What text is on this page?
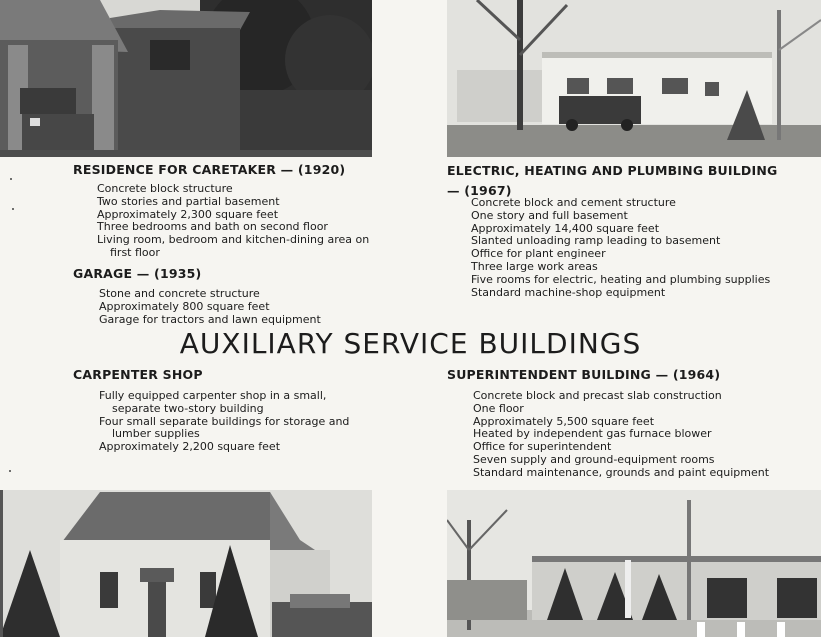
RESIDENCE FOR CARETAKER — (1920)
Concrete block structure
Two stories and partial basement
Approximately 2,300 square feet
Three bedrooms and bath on second floor
Living room, bedroom and kitchen-dining area on first floor
GARAGE — (1935)
Stone and concrete structure
Approximately 800 square feet
Garage for tractors and lawn equipment
ELECTRIC, HEATING AND PLUMBING BUILDING
— (1967)
Concrete block and cement structure
One story and full basement
Approximately 14,400 square feet
Slanted unloading ramp leading to basement
Office for plant engineer
Three large work areas
Five rooms for electric, heating and plumbing supplies
Standard machine-shop equipment
AUXILIARY SERVICE BUILDINGS
CARPENTER SHOP
Fully equipped carpenter shop in a small, separate two-story building
Four small separate buildings for storage and lumber supplies
Approximately 2,200 square feet
SUPERINTENDENT BUILDING — (1964)
Concrete block and precast slab construction
One floor
Approximately 5,500 square feet
Heated by independent gas furnace blower
Office for superintendent
Seven supply and ground-equipment rooms
Standard maintenance, grounds and paint equipment
